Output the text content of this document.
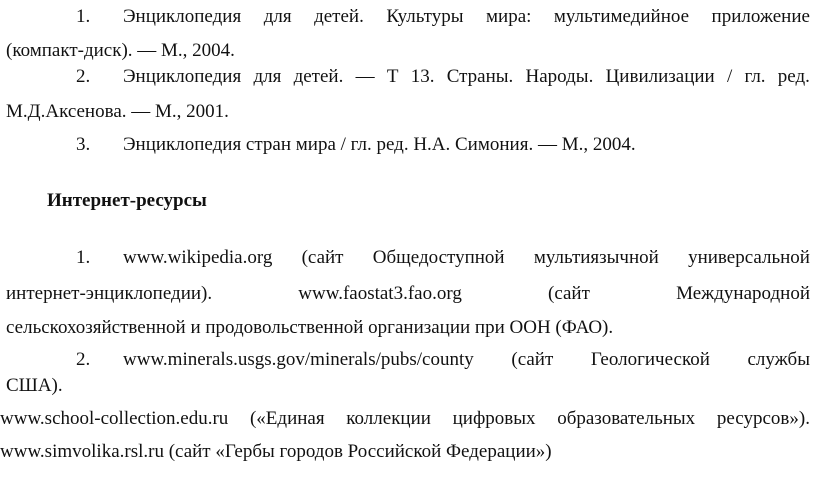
1. Энциклопедия для детей. Культуры мира: мультимедийное приложение
(компакт-диск). — М., 2004.
2. Энциклопедия для детей. — Т 13. Страны. Народы. Цивилизации / гл. ред.
М.Д.Аксенова. — М., 2001.
3. Энциклопедия стран мира / гл. ред. Н.А. Симония. — М., 2004.
Интернет-ресурсы
1. www.wikipedia.org (сайт Общедоступной мультиязычной универсальной
интернет-энциклопедии).	www.faostat3.fao.org	(сайт	Международной
сельскохозяйственной и продовольственной организации при ООН (ФАО).
2. www.minerals.usgs.gov/minerals/pubs/county (сайт Геологической службы
США).
www.school-collection.edu.ru («Единая коллекции цифровых образовательных ресурсов»).
www.simvolika.rsl.ru (сайт «Гербы городов Российской Федерации»)
